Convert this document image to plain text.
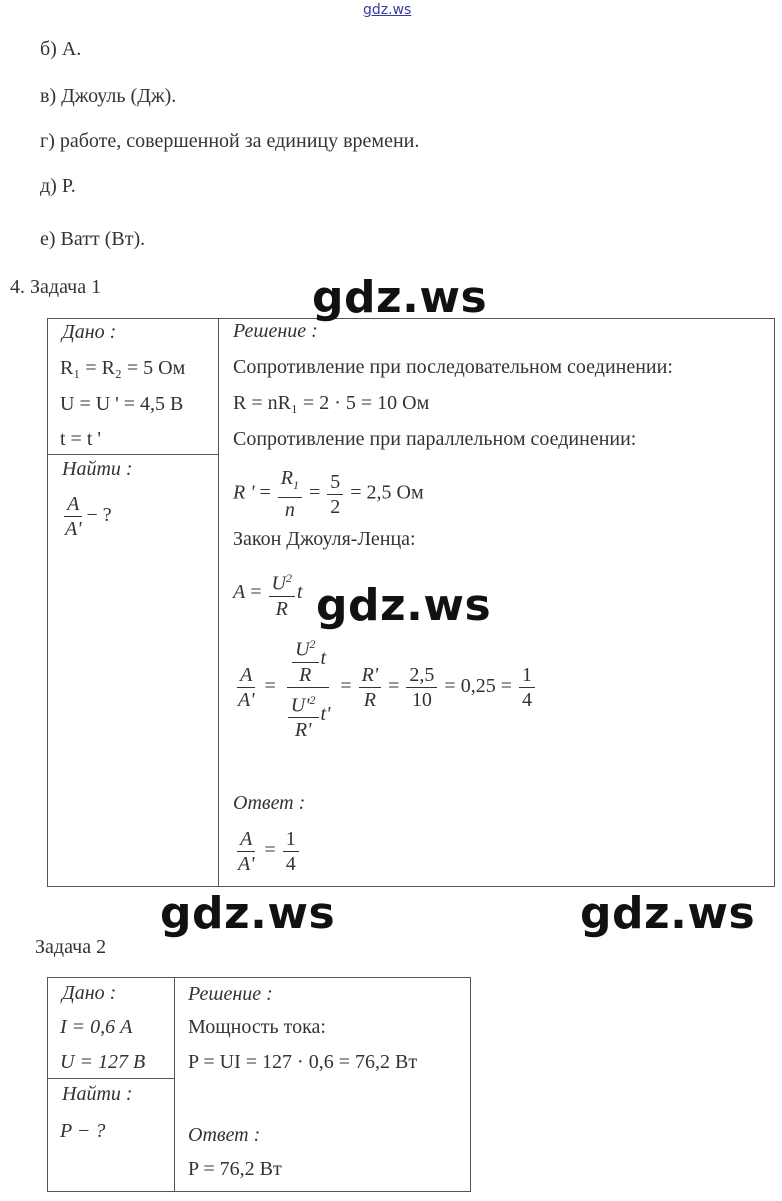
gdz.ws
б) A.
в) Джоуль (Дж).
г) работе, совершенной за единицу времени.
д) P.
е) Ватт (Вт).
4. Задача 1
Дано :
R₁ = R₂ = 5 Ом
U = U ' = 4,5 В
t = t '
Найти :
$\frac{A}{A'}$ − ?
Решение :
Сопротивление при последовательном соединении:
R = nR₁ = 2 · 5 = 10 Ом
Сопротивление при параллельном соединении:
R ' = $\frac{R_1}{n} = \frac{5}{2} = 2,5$ Ом
Закон Джоуля-Ленца:
$A = \frac{U^2}{R}$ t
$\frac{A}{A'} = \frac{\frac{U^2}{R} t}{\frac{U'^2}{R'} t'} = \frac{R'}{R} = \frac{2,5}{10} = 0,25 = \frac{1}{4}$
Ответ :
$\frac{A}{A'} = \frac{1}{4}$
Задача 2
Дано :
I = 0,6 А
U = 127 В
Найти :
P − ?
Решение :
Мощность тока:
P = UI = 127 · 0,6 = 76,2 Вт
Ответ :
P = 76,2 Вт
gdz.ws
gdz.ws
gdz.ws	gdz.ws
